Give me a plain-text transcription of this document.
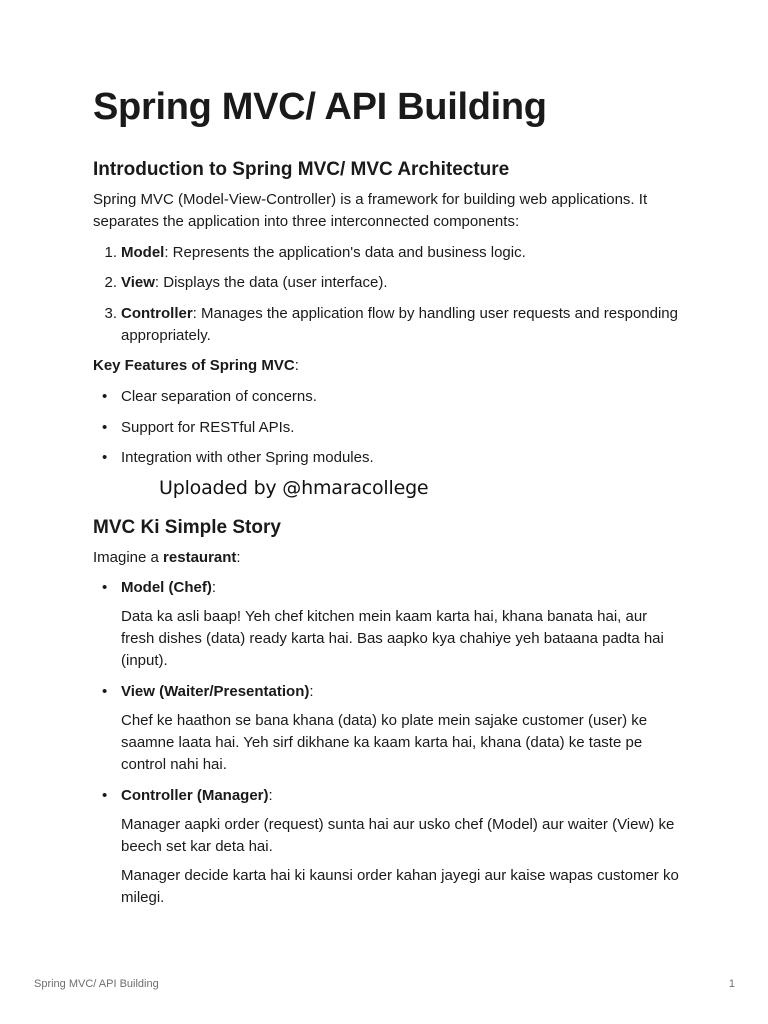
Spring MVC/ API Building
Introduction to Spring MVC/ MVC Architecture

Spring MVC (Model-View-Controller) is a framework for building web applications. It separates the application into three interconnected components:

1. Model: Represents the application's data and business logic.
2. View: Displays the data (user interface).
3. Controller: Manages the application flow by handling user requests and responding appropriately.

Key Features of Spring MVC:

• Clear separation of concerns.
• Support for RESTful APIs.
• Integration with other Spring modules.
MVC Ki Simple Story

Imagine a restaurant:

• Model (Chef):

Data ka asli baap! Yeh chef kitchen mein kaam karta hai, khana banata hai, aur fresh dishes (data) ready karta hai. Bas aapko kya chahiye yeh bataana padta hai (input).

• View (Waiter/Presentation):

Chef ke haathon se bana khana (data) ko plate mein sajake customer (user) ke saamne laata hai. Yeh sirf dikhane ka kaam karta hai, khana (data) ke taste pe control nahi hai.

• Controller (Manager):

Manager aapki order (request) sunta hai aur usko chef (Model) aur waiter (View) ke beech set kar deta hai.

Manager decide karta hai ki kaunsi order kahan jayegi aur kaise wapas customer ko milegi.

Uploaded by @hmaracollege
Spring MVC/ API Building	1
